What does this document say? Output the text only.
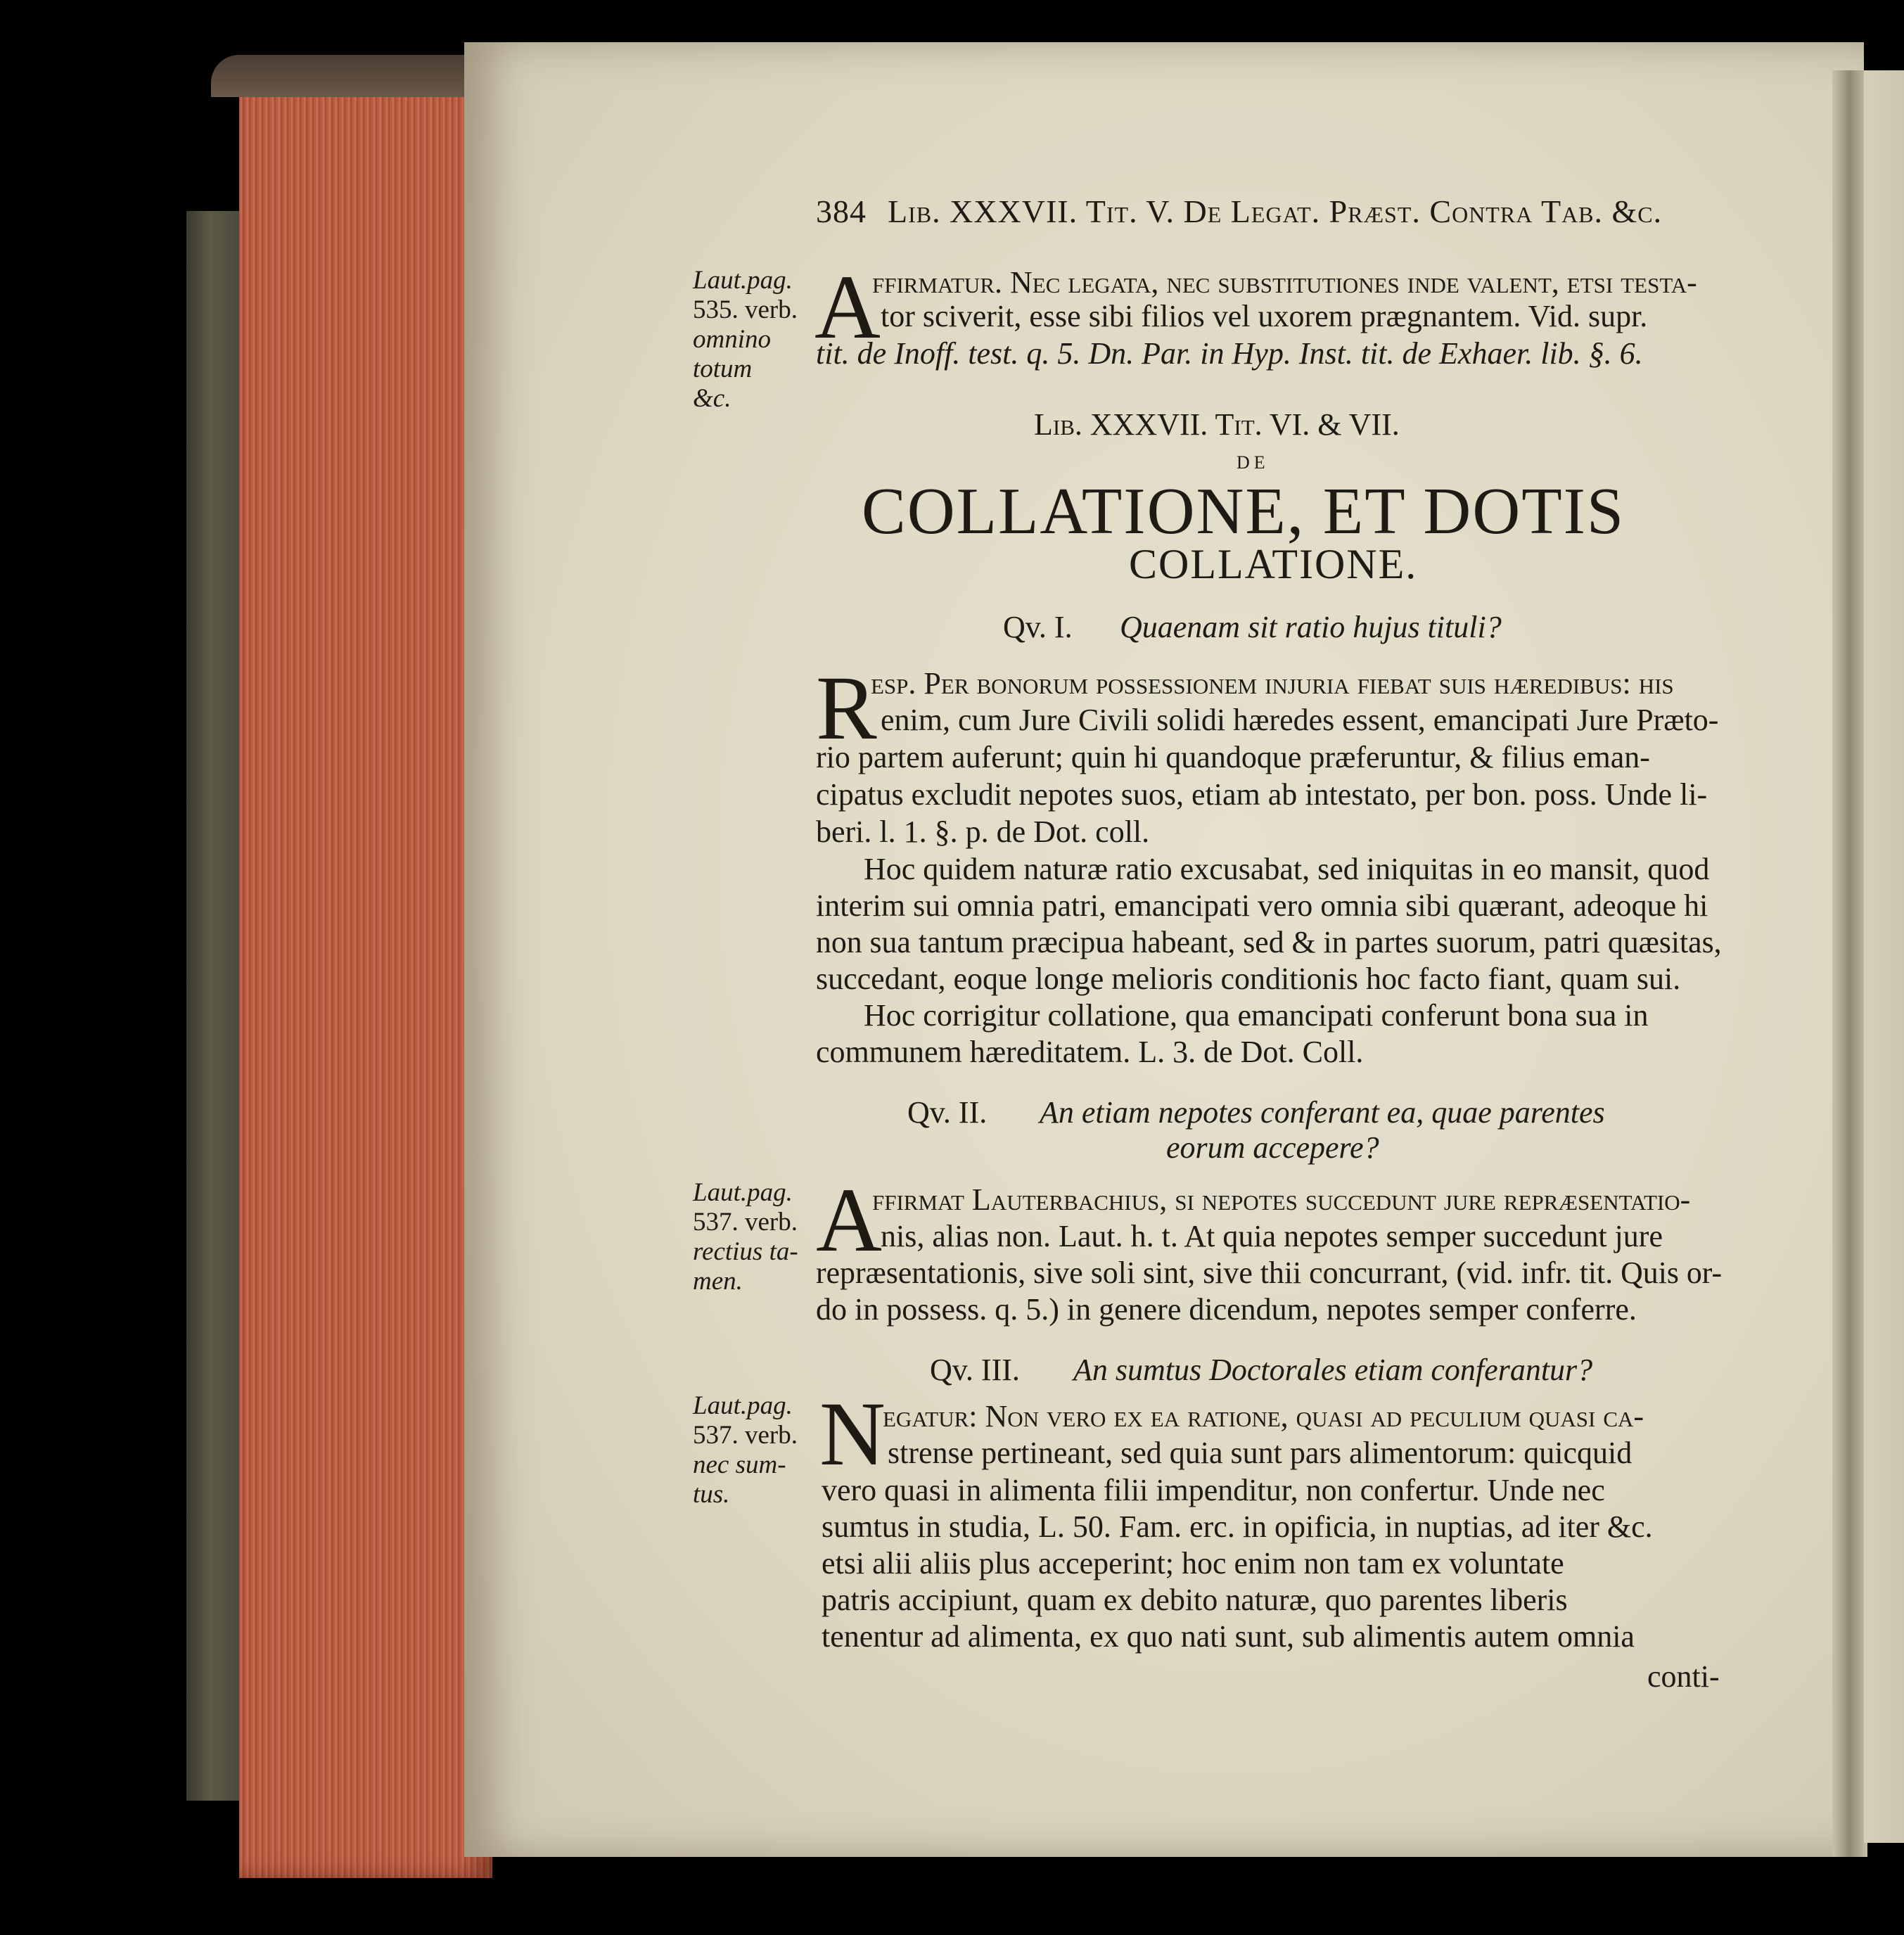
384 Lib. XXXVII. Tit. V. De Legat. Præst. Contra Tab. &c.
Laut.pag.
535. verb.
omnino
totum
&c.
A
ffirmatur. Nec legata, nec substitutiones inde valent, etsi testa-
tor sciverit, esse sibi filios vel uxorem prægnantem. Vid. supr.
tit. de Inoff. test. q. 5. Dn. Par. in Hyp. Inst. tit. de Exhaer. lib. §. 6.
Lib. XXXVII. Tit. VI. & VII.
DE
COLLATIONE, ET DOTIS
COLLATIONE.
Qv. I. Quaenam sit ratio hujus tituli?
R
esp. Per bonorum possessionem injuria fiebat suis hæredibus: his
enim, cum Jure Civili solidi hæredes essent, emancipati Jure Præto-
rio partem auferunt; quin hi quandoque præferuntur, & filius eman-
cipatus excludit nepotes suos, etiam ab intestato, per bon. poss. Unde li-
beri. l. 1. §. p. de Dot. coll.
Hoc quidem naturæ ratio excusabat, sed iniquitas in eo mansit, quod
interim sui omnia patri, emancipati vero omnia sibi quærant, adeoque hi
non sua tantum præcipua habeant, sed & in partes suorum, patri quæsitas,
succedant, eoque longe melioris conditionis hoc facto fiant, quam sui.
Hoc corrigitur collatione, qua emancipati conferunt bona sua in
communem hæreditatem. L. 3. de Dot. Coll.
Qv. II. An etiam nepotes conferant ea, quae parentes
eorum accepere?
Laut.pag.
537. verb.
rectius ta-
men.
A
ffirmat Lauterbachius, si nepotes succedunt jure repræsentatio-
nis, alias non. Laut. h. t. At quia nepotes semper succedunt jure
repræsentationis, sive soli sint, sive thii concurrant, (vid. infr. tit. Quis or-
do in possess. q. 5.) in genere dicendum, nepotes semper conferre.
Qv. III. An sumtus Doctorales etiam conferantur?
Laut.pag.
537. verb.
nec sum-
tus.
N
egatur: Non vero ex ea ratione, quasi ad peculium quasi ca-
strense pertineant, sed quia sunt pars alimentorum: quicquid
vero quasi in alimenta filii impenditur, non confertur. Unde nec
sumtus in studia, L. 50. Fam. erc. in opificia, in nuptias, ad iter &c.
etsi alii aliis plus acceperint; hoc enim non tam ex voluntate
patris accipiunt, quam ex debito naturæ, quo parentes liberis
tenentur ad alimenta, ex quo nati sunt, sub alimentis autem omnia
conti-
